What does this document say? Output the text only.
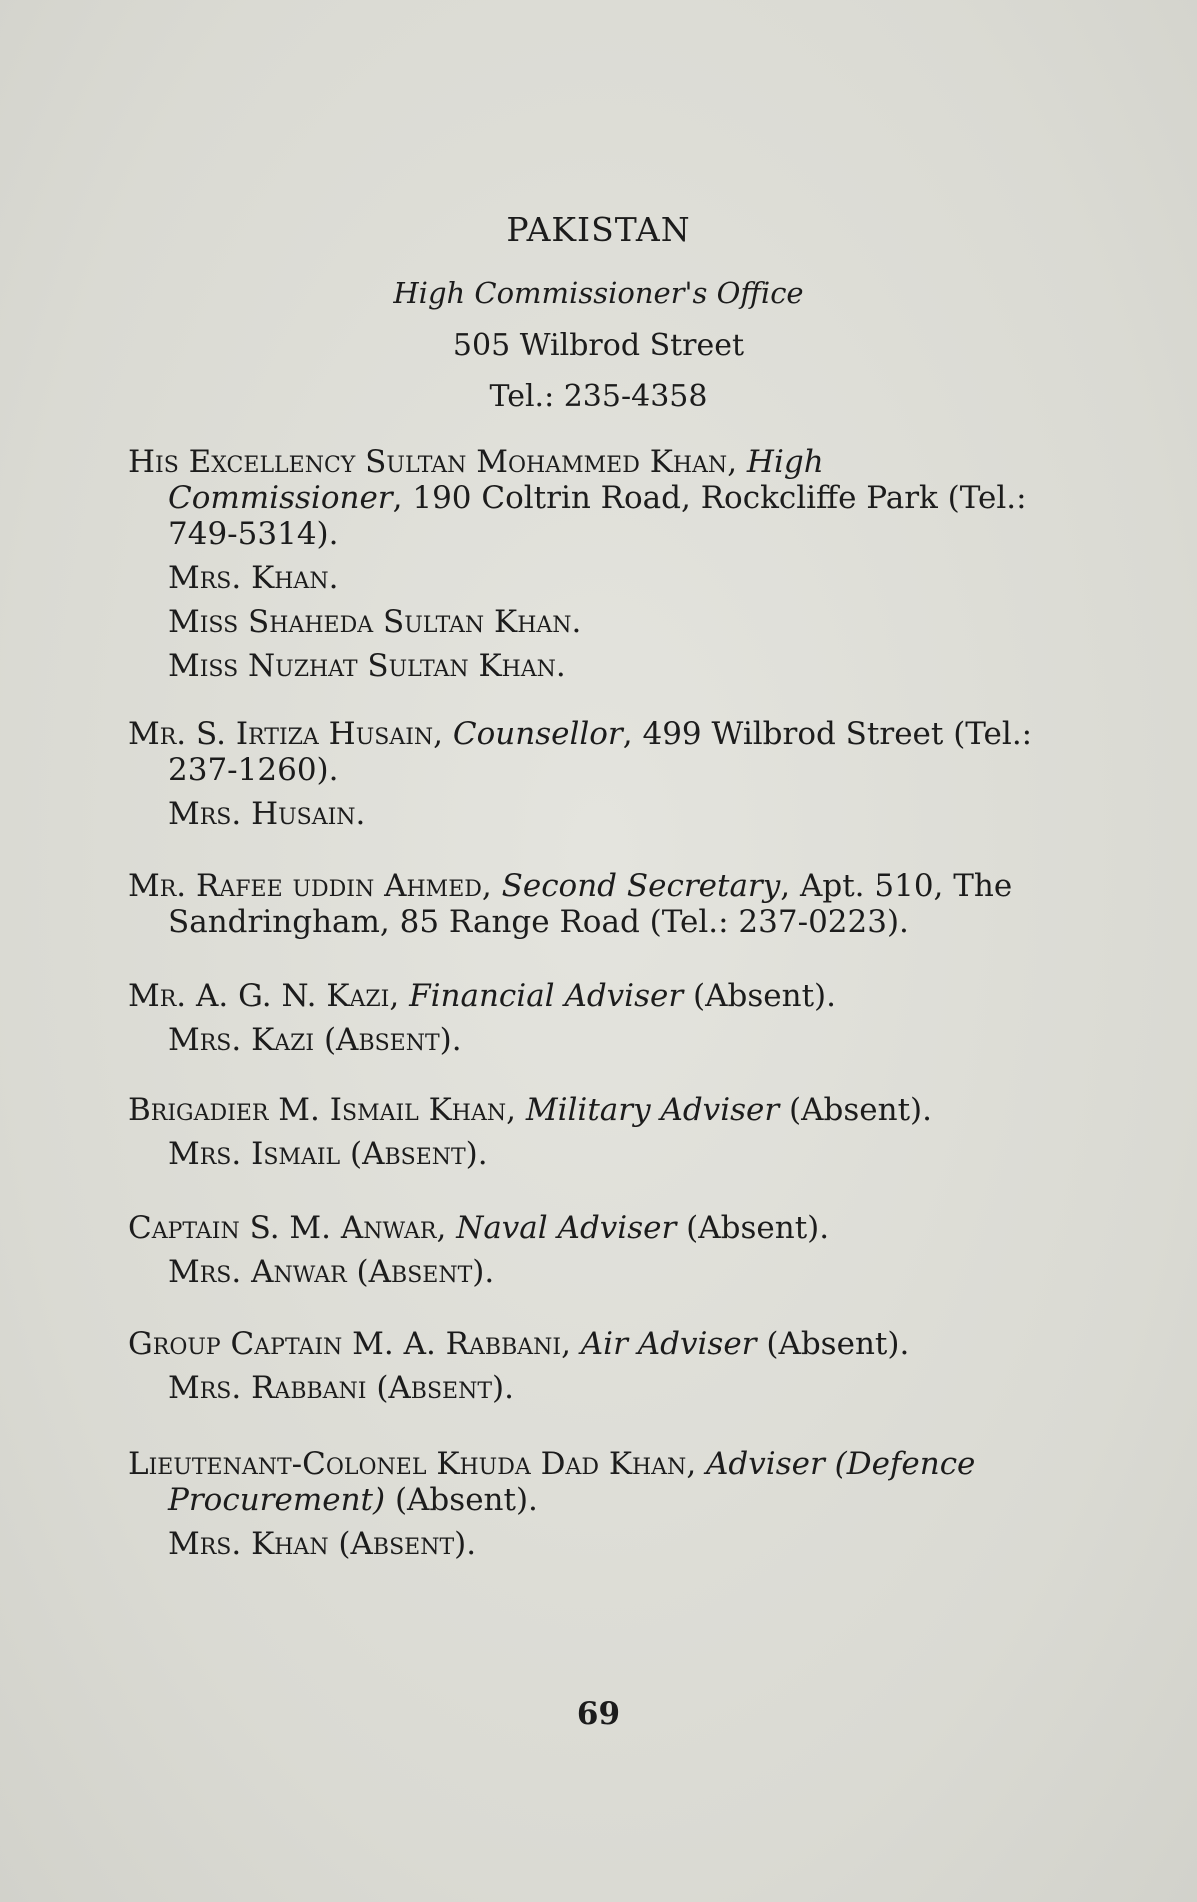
PAKISTAN
High Commissioner's Office
505 Wilbrod Street
Tel.: 235-4358
His Excellency Sultan Mohammed Khan, High Commissioner, 190 Coltrin Road, Rockcliffe Park (Tel.: 749-5314).
Mrs. Khan.
Miss Shaheda Sultan Khan.
Miss Nuzhat Sultan Khan.
Mr. S. Irtiza Husain, Counsellor, 499 Wilbrod Street (Tel.: 237-1260).
Mrs. Husain.
Mr. Rafee uddin Ahmed, Second Secretary, Apt. 510, The Sandringham, 85 Range Road (Tel.: 237-0223).
Mr. A. G. N. Kazi, Financial Adviser (Absent).
Mrs. Kazi (Absent).
Brigadier M. Ismail Khan, Military Adviser (Absent).
Mrs. Ismail (Absent).
Captain S. M. Anwar, Naval Adviser (Absent).
Mrs. Anwar (Absent).
Group Captain M. A. Rabbani, Air Adviser (Absent).
Mrs. Rabbani (Absent).
Lieutenant-Colonel Khuda Dad Khan, Adviser (Defence Procurement) (Absent).
Mrs. Khan (Absent).
69
